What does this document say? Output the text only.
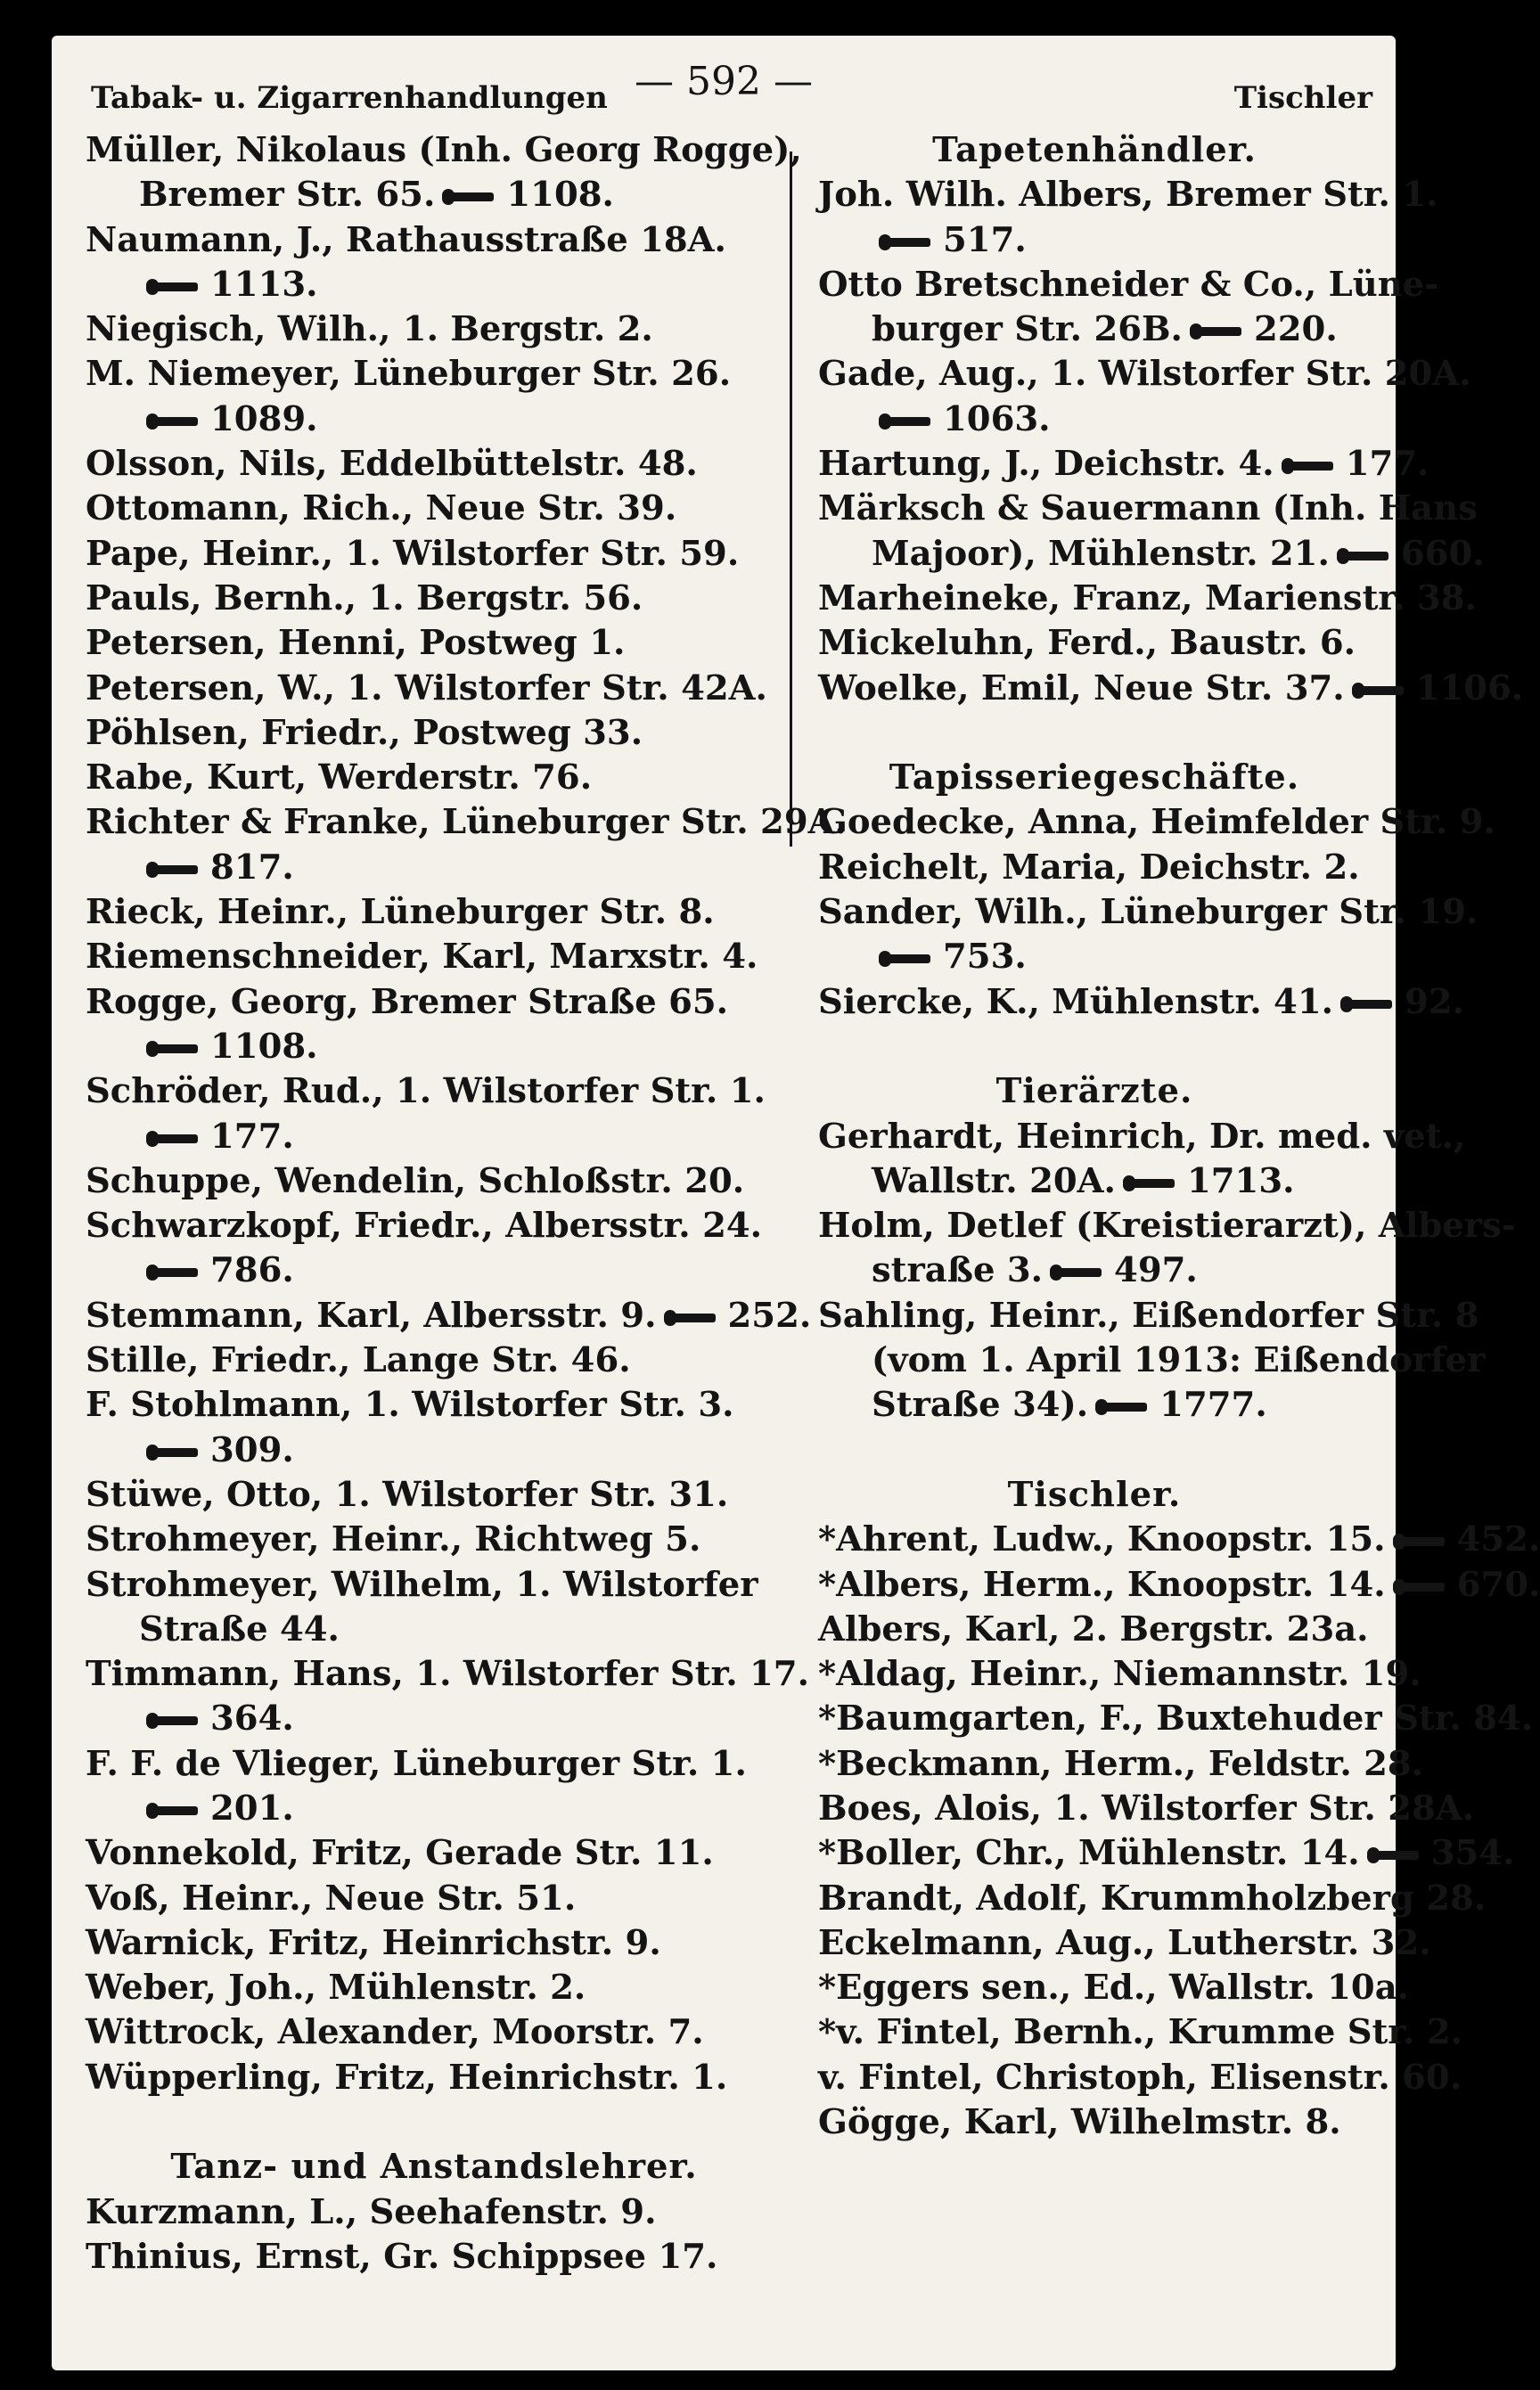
Tabak- u. Zigarrenhandlungen — 592 —	Tischler
Müller, Nikolaus (Inh. Georg Rogge),
Bremer Str. 65. 1108.
Naumann, J., Rathausstraße 18A.
1113.
Niegisch, Wilh., 1. Bergstr. 2.
M. Niemeyer, Lüneburger Str. 26.
1089.
Olsson, Nils, Eddelbüttelstr. 48.
Ottomann, Rich., Neue Str. 39.
Pape, Heinr., 1. Wilstorfer Str. 59.
Pauls, Bernh., 1. Bergstr. 56.
Petersen, Henni, Postweg 1.
Petersen, W., 1. Wilstorfer Str. 42A.
Pöhlsen, Friedr., Postweg 33.
Rabe, Kurt, Werderstr. 76.
Richter & Franke, Lüneburger Str. 29A.
817.
Rieck, Heinr., Lüneburger Str. 8.
Riemenschneider, Karl, Marxstr. 4.
Rogge, Georg, Bremer Straße 65.
1108.
Schröder, Rud., 1. Wilstorfer Str. 1.
177.
Schuppe, Wendelin, Schloßstr. 20.
Schwarzkopf, Friedr., Albersstr. 24.
786.
Stemmann, Karl, Albersstr. 9. 252.
Stille, Friedr., Lange Str. 46.
F. Stohlmann, 1. Wilstorfer Str. 3.
309.
Stüwe, Otto, 1. Wilstorfer Str. 31.
Strohmeyer, Heinr., Richtweg 5.
Strohmeyer, Wilhelm, 1. Wilstorfer
Straße 44.
Timmann, Hans, 1. Wilstorfer Str. 17.
364.
F. F. de Vlieger, Lüneburger Str. 1.
201.
Vonnekold, Fritz, Gerade Str. 11.
Voß, Heinr., Neue Str. 51.
Warnick, Fritz, Heinrichstr. 9.
Weber, Joh., Mühlenstr. 2.
Wittrock, Alexander, Moorstr. 7.
Wüpperling, Fritz, Heinrichstr. 1.
Tanz- und Anstandslehrer.
Kurzmann, L., Seehafenstr. 9.
Thinius, Ernst, Gr. Schippsee 17.
Tapetenhändler.
Joh. Wilh. Albers, Bremer Str. 1.
517.
Otto Bretschneider & Co., Lüne-
burger Str. 26B. 220.
Gade, Aug., 1. Wilstorfer Str. 20A.
1063.
Hartung, J., Deichstr. 4. 177.
Märksch & Sauermann (Inh. Hans
Majoor), Mühlenstr. 21. 660.
Marheineke, Franz, Marienstr. 38.
Mickeluhn, Ferd., Baustr. 6.
Woelke, Emil, Neue Str. 37. 1106.
Tapisseriegeschäfte.
Goedecke, Anna, Heimfelder Str. 9.
Reichelt, Maria, Deichstr. 2.
Sander, Wilh., Lüneburger Str. 19.
753.
Siercke, K., Mühlenstr. 41. 92.
Tierärzte.
Gerhardt, Heinrich, Dr. med. vet.,
Wallstr. 20A. 1713.
Holm, Detlef (Kreistierarzt), Albers-
straße 3. 497.
Sahling, Heinr., Eißendorfer Str. 8
(vom 1. April 1913: Eißendorfer
Straße 34). 1777.
Tischler.
*Ahrent, Ludw., Knoopstr. 15. 452.
*Albers, Herm., Knoopstr. 14. 670.
Albers, Karl, 2. Bergstr. 23a.
*Aldag, Heinr., Niemannstr. 19.
*Baumgarten, F., Buxtehuder Str. 84.
*Beckmann, Herm., Feldstr. 28.
Boes, Alois, 1. Wilstorfer Str. 28A.
*Boller, Chr., Mühlenstr. 14. 354.
Brandt, Adolf, Krummholzberg 28.
Eckelmann, Aug., Lutherstr. 32.
*Eggers sen., Ed., Wallstr. 10a.
*v. Fintel, Bernh., Krumme Str. 2.
v. Fintel, Christoph, Elisenstr. 60.
Gögge, Karl, Wilhelmstr. 8.
